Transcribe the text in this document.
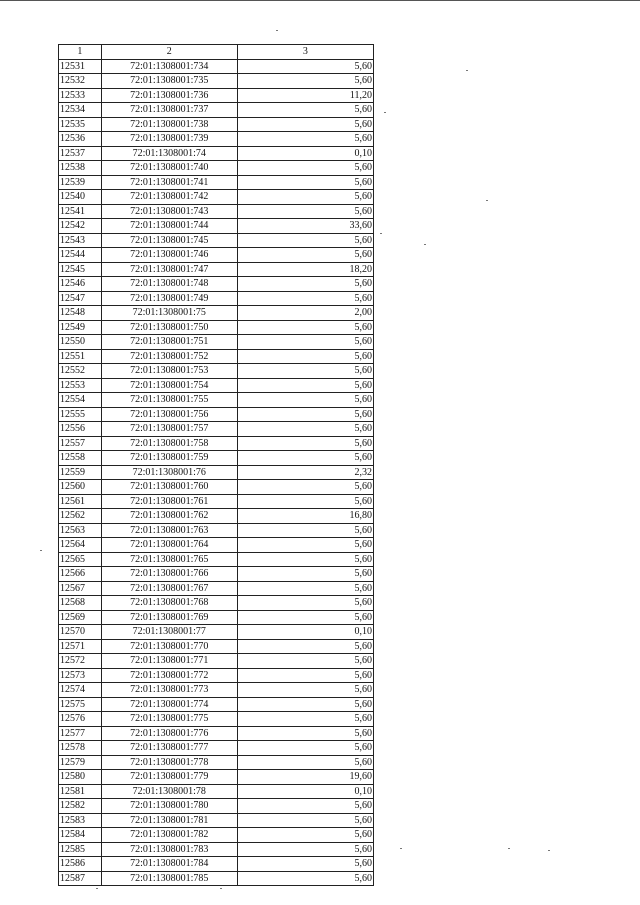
1	2	3
12531	72:01:1308001:734	5,60
12532	72:01:1308001:735	5,60
12533	72:01:1308001:736	11,20
12534	72:01:1308001:737	5,60
12535	72:01:1308001:738	5,60
12536	72:01:1308001:739	5,60
12537	72:01:1308001:74	0,10
12538	72:01:1308001:740	5,60
12539	72:01:1308001:741	5,60
12540	72:01:1308001:742	5,60
12541	72:01:1308001:743	5,60
12542	72:01:1308001:744	33,60
12543	72:01:1308001:745	5,60
12544	72:01:1308001:746	5,60
12545	72:01:1308001:747	18,20
12546	72:01:1308001:748	5,60
12547	72:01:1308001:749	5,60
12548	72:01:1308001:75	2,00
12549	72:01:1308001:750	5,60
12550	72:01:1308001:751	5,60
12551	72:01:1308001:752	5,60
12552	72:01:1308001:753	5,60
12553	72:01:1308001:754	5,60
12554	72:01:1308001:755	5,60
12555	72:01:1308001:756	5,60
12556	72:01:1308001:757	5,60
12557	72:01:1308001:758	5,60
12558	72:01:1308001:759	5,60
12559	72:01:1308001:76	2,32
12560	72:01:1308001:760	5,60
12561	72:01:1308001:761	5,60
12562	72:01:1308001:762	16,80
12563	72:01:1308001:763	5,60
12564	72:01:1308001:764	5,60
12565	72:01:1308001:765	5,60
12566	72:01:1308001:766	5,60
12567	72:01:1308001:767	5,60
12568	72:01:1308001:768	5,60
12569	72:01:1308001:769	5,60
12570	72:01:1308001:77	0,10
12571	72:01:1308001:770	5,60
12572	72:01:1308001:771	5,60
12573	72:01:1308001:772	5,60
12574	72:01:1308001:773	5,60
12575	72:01:1308001:774	5,60
12576	72:01:1308001:775	5,60
12577	72:01:1308001:776	5,60
12578	72:01:1308001:777	5,60
12579	72:01:1308001:778	5,60
12580	72:01:1308001:779	19,60
12581	72:01:1308001:78	0,10
12582	72:01:1308001:780	5,60
12583	72:01:1308001:781	5,60
12584	72:01:1308001:782	5,60
12585	72:01:1308001:783	5,60
12586	72:01:1308001:784	5,60
12587	72:01:1308001:785	5,60
